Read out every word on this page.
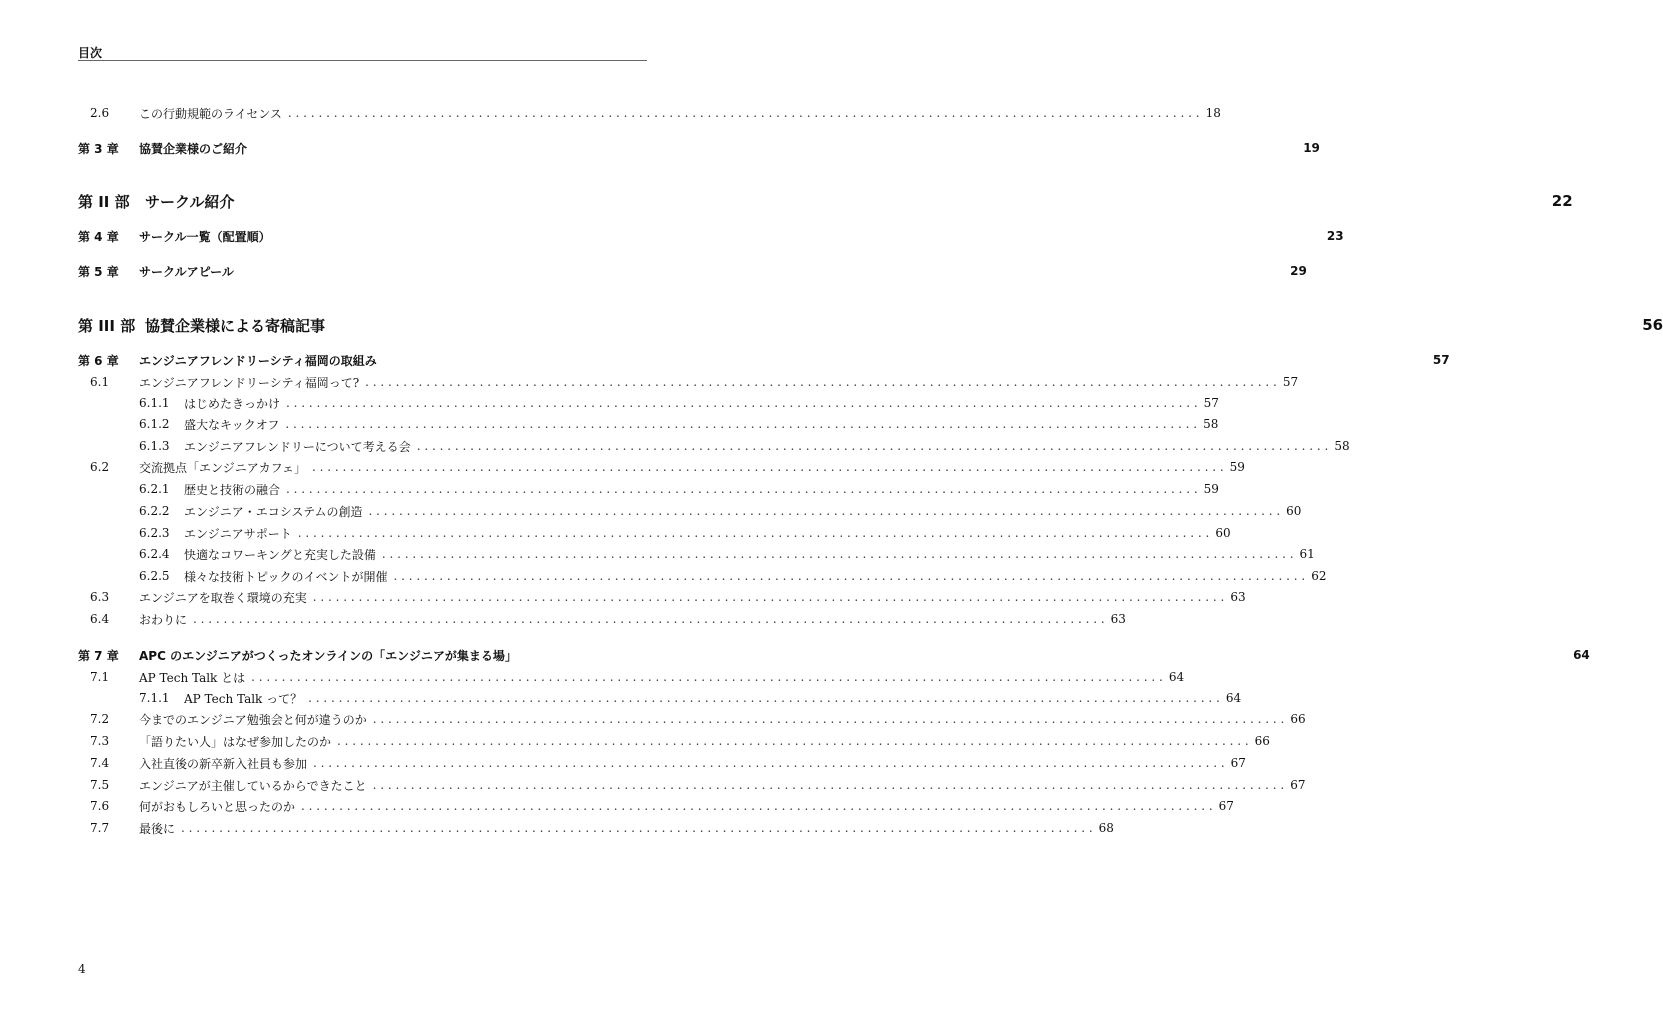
目次
2.6	この行動規範のライセンス . . . . . . . . . . . . . . . . . . . . . . . . . . . . . . . . . . . . . . . . . . . . . . . . . . . . . . . . . . . . . . . . . . . . . . . . . . . . . . . . . . . . . . . . . . . . . . . . . . . . . . . . . . . . . . . . . . . . . . . . 18
第 3 章	協賛企業様のご紹介	19
第 II 部	サークル紹介	22
第 4 章	サークル一覧（配置順）	23
第 5 章	サークルアピール	29
第 III 部 協賛企業様による寄稿記事	56
第 6 章	エンジニアフレンドリーシティ福岡の取組み	57
6.1	エンジニアフレンドリーシティ福岡って? . . . . . . . . . . . . . . . . . . . . . . . . . . . . . . . . . . . . . . . . . . . . . . . . . . . . . . . . . . . . . . . . . . . . . . . . . . . . . . . . . . . . . . . . . . . . . . . . . . . . . . . . . . . . . . . . . . . . . . . . 57
6.1.1	はじめたきっかけ . . . . . . . . . . . . . . . . . . . . . . . . . . . . . . . . . . . . . . . . . . . . . . . . . . . . . . . . . . . . . . . . . . . . . . . . . . . . . . . . . . . . . . . . . . . . . . . . . . . . . . . . . . . . . . . . . . . . . . . . 57
6.1.2	盛大なキックオフ . . . . . . . . . . . . . . . . . . . . . . . . . . . . . . . . . . . . . . . . . . . . . . . . . . . . . . . . . . . . . . . . . . . . . . . . . . . . . . . . . . . . . . . . . . . . . . . . . . . . . . . . . . . . . . . . . . . . . . . . 58
6.1.3	エンジニアフレンドリーについて考える会 . . . . . . . . . . . . . . . . . . . . . . . . . . . . . . . . . . . . . . . . . . . . . . . . . . . . . . . . . . . . . . . . . . . . . . . . . . . . . . . . . . . . . . . . . . . . . . . . . . . . . . . . . . . . . . . . . . . . . . . . 58
6.2	交流拠点「エンジニアカフェ」 . . . . . . . . . . . . . . . . . . . . . . . . . . . . . . . . . . . . . . . . . . . . . . . . . . . . . . . . . . . . . . . . . . . . . . . . . . . . . . . . . . . . . . . . . . . . . . . . . . . . . . . . . . . . . . . . . . . . . . . . 59
6.2.1	歴史と技術の融合 . . . . . . . . . . . . . . . . . . . . . . . . . . . . . . . . . . . . . . . . . . . . . . . . . . . . . . . . . . . . . . . . . . . . . . . . . . . . . . . . . . . . . . . . . . . . . . . . . . . . . . . . . . . . . . . . . . . . . . . . 59
6.2.2	エンジニア・エコシステムの創造 . . . . . . . . . . . . . . . . . . . . . . . . . . . . . . . . . . . . . . . . . . . . . . . . . . . . . . . . . . . . . . . . . . . . . . . . . . . . . . . . . . . . . . . . . . . . . . . . . . . . . . . . . . . . . . . . . . . . . . . . 60
6.2.3	エンジニアサポート . . . . . . . . . . . . . . . . . . . . . . . . . . . . . . . . . . . . . . . . . . . . . . . . . . . . . . . . . . . . . . . . . . . . . . . . . . . . . . . . . . . . . . . . . . . . . . . . . . . . . . . . . . . . . . . . . . . . . . . . 60
6.2.4	快適なコワーキングと充実した設備 . . . . . . . . . . . . . . . . . . . . . . . . . . . . . . . . . . . . . . . . . . . . . . . . . . . . . . . . . . . . . . . . . . . . . . . . . . . . . . . . . . . . . . . . . . . . . . . . . . . . . . . . . . . . . . . . . . . . . . . . 61
6.2.5	様々な技術トピックのイベントが開催 . . . . . . . . . . . . . . . . . . . . . . . . . . . . . . . . . . . . . . . . . . . . . . . . . . . . . . . . . . . . . . . . . . . . . . . . . . . . . . . . . . . . . . . . . . . . . . . . . . . . . . . . . . . . . . . . . . . . . . . . 62
6.3	エンジニアを取巻く環境の充実 . . . . . . . . . . . . . . . . . . . . . . . . . . . . . . . . . . . . . . . . . . . . . . . . . . . . . . . . . . . . . . . . . . . . . . . . . . . . . . . . . . . . . . . . . . . . . . . . . . . . . . . . . . . . . . . . . . . . . . . . 63
6.4	おわりに . . . . . . . . . . . . . . . . . . . . . . . . . . . . . . . . . . . . . . . . . . . . . . . . . . . . . . . . . . . . . . . . . . . . . . . . . . . . . . . . . . . . . . . . . . . . . . . . . . . . . . . . . . . . . . . . . . . . . . . . 63
第 7 章	APC のエンジニアがつくったオンラインの「エンジニアが集まる場」	64
7.1	AP Tech Talk とは . . . . . . . . . . . . . . . . . . . . . . . . . . . . . . . . . . . . . . . . . . . . . . . . . . . . . . . . . . . . . . . . . . . . . . . . . . . . . . . . . . . . . . . . . . . . . . . . . . . . . . . . . . . . . . . . . . . . . . . . 64
7.1.1	AP Tech Talk って？ . . . . . . . . . . . . . . . . . . . . . . . . . . . . . . . . . . . . . . . . . . . . . . . . . . . . . . . . . . . . . . . . . . . . . . . . . . . . . . . . . . . . . . . . . . . . . . . . . . . . . . . . . . . . . . . . . . . . . . . . 64
7.2	今までのエンジニア勉強会と何が違うのか . . . . . . . . . . . . . . . . . . . . . . . . . . . . . . . . . . . . . . . . . . . . . . . . . . . . . . . . . . . . . . . . . . . . . . . . . . . . . . . . . . . . . . . . . . . . . . . . . . . . . . . . . . . . . . . . . . . . . . . . 66
7.3	「語りたい人」はなぜ参加したのか . . . . . . . . . . . . . . . . . . . . . . . . . . . . . . . . . . . . . . . . . . . . . . . . . . . . . . . . . . . . . . . . . . . . . . . . . . . . . . . . . . . . . . . . . . . . . . . . . . . . . . . . . . . . . . . . . . . . . . . . 66
7.4	入社直後の新卒新入社員も参加 . . . . . . . . . . . . . . . . . . . . . . . . . . . . . . . . . . . . . . . . . . . . . . . . . . . . . . . . . . . . . . . . . . . . . . . . . . . . . . . . . . . . . . . . . . . . . . . . . . . . . . . . . . . . . . . . . . . . . . . . 67
7.5	エンジニアが主催しているからできたこと . . . . . . . . . . . . . . . . . . . . . . . . . . . . . . . . . . . . . . . . . . . . . . . . . . . . . . . . . . . . . . . . . . . . . . . . . . . . . . . . . . . . . . . . . . . . . . . . . . . . . . . . . . . . . . . . . . . . . . . . 67
7.6	何がおもしろいと思ったのか . . . . . . . . . . . . . . . . . . . . . . . . . . . . . . . . . . . . . . . . . . . . . . . . . . . . . . . . . . . . . . . . . . . . . . . . . . . . . . . . . . . . . . . . . . . . . . . . . . . . . . . . . . . . . . . . . . . . . . . . 67
7.7	最後に . . . . . . . . . . . . . . . . . . . . . . . . . . . . . . . . . . . . . . . . . . . . . . . . . . . . . . . . . . . . . . . . . . . . . . . . . . . . . . . . . . . . . . . . . . . . . . . . . . . . . . . . . . . . . . . . . . . . . . . . 68
4
